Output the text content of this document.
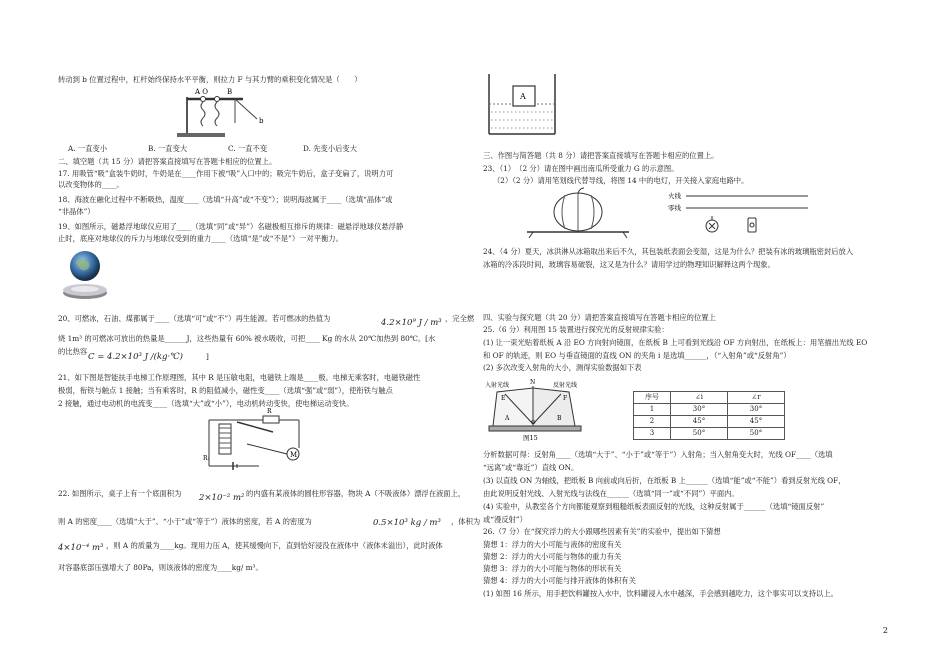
转动到 b 位置过程中，杠杆始终保持水平平衡，则拉力 F 与其力臂的乘积变化情况是（　　）
A O	B
b
A. 一直变小	B. 一直变大	C. 一直不变	D. 先变小后变大
二、填空题（共 15 分）请把答案直接填写在答题卡相应的位置上。
17. 用吸管“吸”盒装牛奶时，牛奶是在____作用下被“吸”入口中的；吸完牛奶后，盒子变扁了，说明力可
以改变物体的____。
18、海波在融化过程中不断吸热，温度____（选填“升高”或“不变”）；说明海波属于____（选填“晶体”或
“非晶体”）
19、如图所示，磁悬浮地球仪应用了____（选填“同”或“异”）名磁极相互排斥的规律：磁悬浮地球仪悬浮静
止时，底座对地球仪的斥力与地球仪受到的重力____（选填“是”或“不是”）一对平衡力。
20、可燃冰，石油、煤都属于____（选填“可”或“不”）再生能源。若可燃冰的热值为	4.2×10⁹ J / m³ ，完全燃
烧 1m³ 的可燃冰可放出的热量是______J，这些热量有 60% 被水吸收，可把____ Kg 的水从 20℃加热到 80℃。[水
的比热容
C = 4.2×10³ J /(kg·℃)	]
21、如下图是智能扶手电梯工作原理图，其中 R 是压敏电阻，电磁铁上端是____极。电梯无乘客时，电磁铁磁性
极弱，衔铁与触点 1 接触；当有乘客时，R 的阻值减小，磁性变____（选填“强”或“弱”），使衔铁与触点
2 接触，通过电动机的电流变____（选填“大”或“小”），电动机转动变快，使电梯运动变快。
R
M
R₁
22. 如图所示，桌子上有一个底面积为 2×10⁻² m² 的内盛有某液体的圆柱形容器，物块 A（不吸液体）漂浮在液面上，
则 A 的密度____（选填“大于”、“小于”或“等于”）液体的密度，若 A 的密度为	0.5×10³ kg / m³ ，体积为
4×10⁻⁴ m³ ，则 A 的质量为____kg。现用力压 A，使其缓慢向下，直到恰好浸没在液体中（液体未溢出），此时液体
对容器底部压强增大了 80Pa，则该液体的密度为____kg/ m³。
A
三、作图与简答题（共 8 分）请把答案直接填写在答题卡相应的位置上。
23、（1）　（2 分）请在图中画出南瓜所受重力 G 的示意图。
（2）（2 分）请用笔划线代替导线，将图 14 中的电灯，开关接入家庭电路中。
火线
零线
24、（4 分）夏天，冰洪淋从冰箱取出来后不久，其包装纸表面会变湿，这是为什么？把装有冰的玻璃瓶密封后放入
冰箱的冷冻段时间，玻璃容易破裂，这又是为什么？请用学过的物理知识解释这两个现象。
四、实验与探究题（共 20 分）请把答案直接填写在答题卡相应的位置上
25.（6 分）利用图 15 装置进行探究光的反射规律实验：
(1) 让一束光贴着纸板 A 沿 EO 方向射向镜面，在纸板 B 上可看到光线沿 OF 方向射出，在纸板上：用笔描出光线 EO
和 OF 的轨迹，则 EO 与垂直镜面的直线 ON 的夹角 i 是选填______，（“入射角”或“反射角”）
(2) 多次改变入射角的大小，测得实验数据如下表
入射光线	反射光线
E
N
F
O
A	B
图15
序号	∠i	∠r
1	30°	30°
2	45°	45°
3	50°	50°
分析数据可得：反射角____（选填“大于”、“小于”或“等于”）入射角；当入射角变大时，光线 OF____（选填
“远离”或“靠近”）直线 ON。
(3) 以直线 ON 为轴线，把纸板 B 向前或向后折，在纸板 B 上______（选填“能”或“不能”）看到反射光线 OF，
由此说明反射光线、入射光线与法线在______（选填“同一”或“不同”）平面内。
(4) 实验中，从教室各个方向都能观察到粗糙纸板表面反射的光线，这种反射属于______（选填“镜面反射”
或“漫反射”）
26.（7 分）在“探究浮力的大小跟哪些因素有关”的实验中，提出如下猜想
猜想 1：浮力的大小可能与液体的密度有关
猜想 2：浮力的大小可能与物体的重力有关
猜想 3：浮力的大小可能与物体的形状有关
猜想 4：浮力的大小可能与排开液体的体积有关
(1) 如图 16 所示，用手把饮料罐按入水中，饮料罐浸入水中越深，手会感到越吃力，这个事实可以支持以上。
2
